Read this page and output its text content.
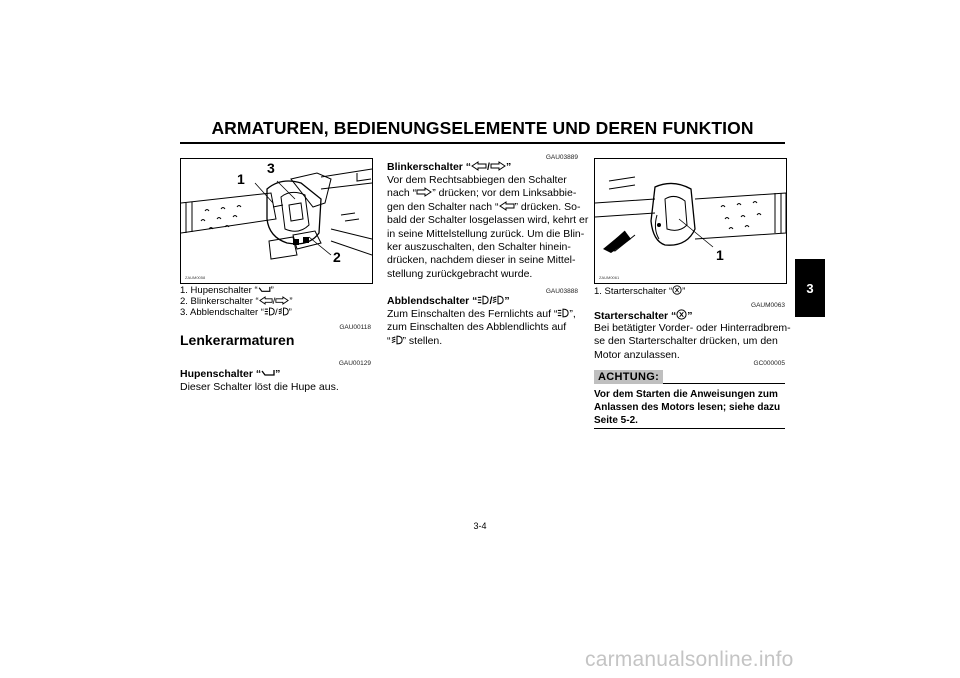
ARMATUREN, BEDIENUNGSELEMENTE UND DEREN FUNKTION
3
1
2
3
ZAUM0058
1. Hupenschalter “ ”
2. Blinkerschalter “ / ”
3. Abblendschalter “ / ”
GAU00118
Lenkerarmaturen
GAU00129
Hupenschalter “ ”

Dieser Schalter löst die Hupe aus.

GAU03889
Blinkerschalter “ / ”

Vor dem Rechtsabbiegen den Schalter

nach “ ” drücken; vor dem Linksabbie-

gen den Schalter nach “ ” drücken. So-

bald der Schalter losgelassen wird, kehrt er

in seine Mittelstellung zurück. Um die Blin-

ker auszuschalten, den Schalter hinein-

drücken, nachdem dieser in seine Mittel-

stellung zurückgebracht wurde.

GAU03888
Abblendschalter “ / ”

Zum Einschalten des Fernlichts auf “ ”,

zum Einschalten des Abblendlichts auf

“ ” stellen.

1
ZAUM0061
1. Starterschalter “ ”
GAUM0063
Starterschalter “ ”

Bei betätigter Vorder- oder Hinterradbrem-

se den Starterschalter drücken, um den

Motor anzulassen.

GC000005
ACHTUNG:

Vor dem Starten die Anweisungen zum

Anlassen des Motors lesen; siehe dazu

Seite 5-2.

3-4
carmanualsonline.info
